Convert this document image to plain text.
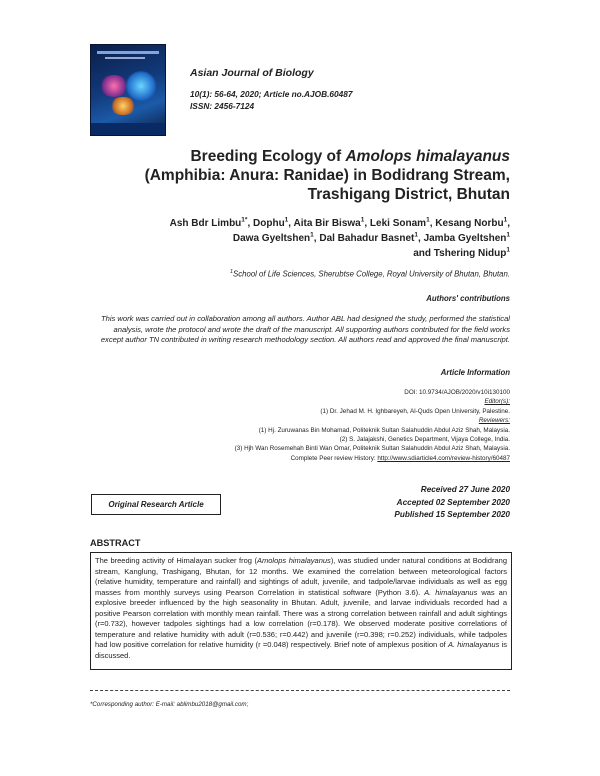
Asian Journal of Biology
10(1): 56-64, 2020; Article no.AJOB.60487
ISSN: 2456-7124
Breeding Ecology of Amolops himalayanus
(Amphibia: Anura: Ranidae) in Bodidrang Stream,
Trashigang District, Bhutan
Ash Bdr Limbu$^{1*}$, Dophu$^1$, Aita Bir Biswa$^1$, Leki Sonam$^1$, Kesang Norbu$^1$,
Dawa Gyeltshen$^1$, Dal Bahadur Basnet$^1$, Jamba Gyeltshen$^1$
and Tshering Nidup$^1$
$^1$School of Life Sciences, Sherubtse College, Royal University of Bhutan, Bhutan.
Authors' contributions
This work was carried out in collaboration among all authors. Author ABL had designed the study, performed the statistical analysis, wrote the protocol and wrote the draft of the manuscript. All supporting authors contributed for the field works except author TN contributed in writing research methodology section. All authors read and approved the final manuscript.
Article Information
DOI: 10.9734/AJOB/2020/v10i130100
Editor(s):
(1) Dr. Jehad M. H. Ighbareyeh, Al-Quds Open University, Palestine.
Reviewers:
(1) Hj. Zuruwanas Bin Mohamad, Politeknik Sultan Salahuddin Abdul Aziz Shah, Malaysia.
(2) S. Jalajakshi, Genetics Department, Vijaya College, India.
(3) Hjh Wan Rosemehah Binti Wan Omar, Politeknik Sultan Salahuddin Abdul Aziz Shah, Malaysia.
Complete Peer review History: http://www.sdiarticle4.com/review-history/60487
Original Research Article
Received 27 June 2020
Accepted 02 September 2020
Published 15 September 2020
ABSTRACT
The breeding activity of Himalayan sucker frog (Amolops himalayanus), was studied under natural conditions at Bodidrang stream, Kanglung, Trashigang, Bhutan, for 12 months. We examined the correlation between meteorological factors (relative humidity, temperature and rainfall) and sightings of adult, juvenile, and tadpole/larvae individuals as well as egg masses from monthly surveys using Pearson Correlation in statistical software (Python 3.6). A. himalayanus was an explosive breeder influenced by the high seasonality in Bhutan. Adult, juvenile, and larvae individuals recorded had a positive Pearson correlation with monthly mean rainfall. There was a strong correlation between rainfall and adult sightings (r=0.732), however tadpoles sightings had a low correlation (r=0.178). We observed moderate positive correlations of temperature and relative humidity with adult (r=0.536; r=0.442) and juvenile (r=0.398; r=0.252) individuals, while tadpoles had low positive correlation for relative humidity (r =0.048) respectively. Brief note of amplexus position of A. himalayanus is discussed.
*Corresponding author: E-mail: ablimbu2018@gmail.com;
